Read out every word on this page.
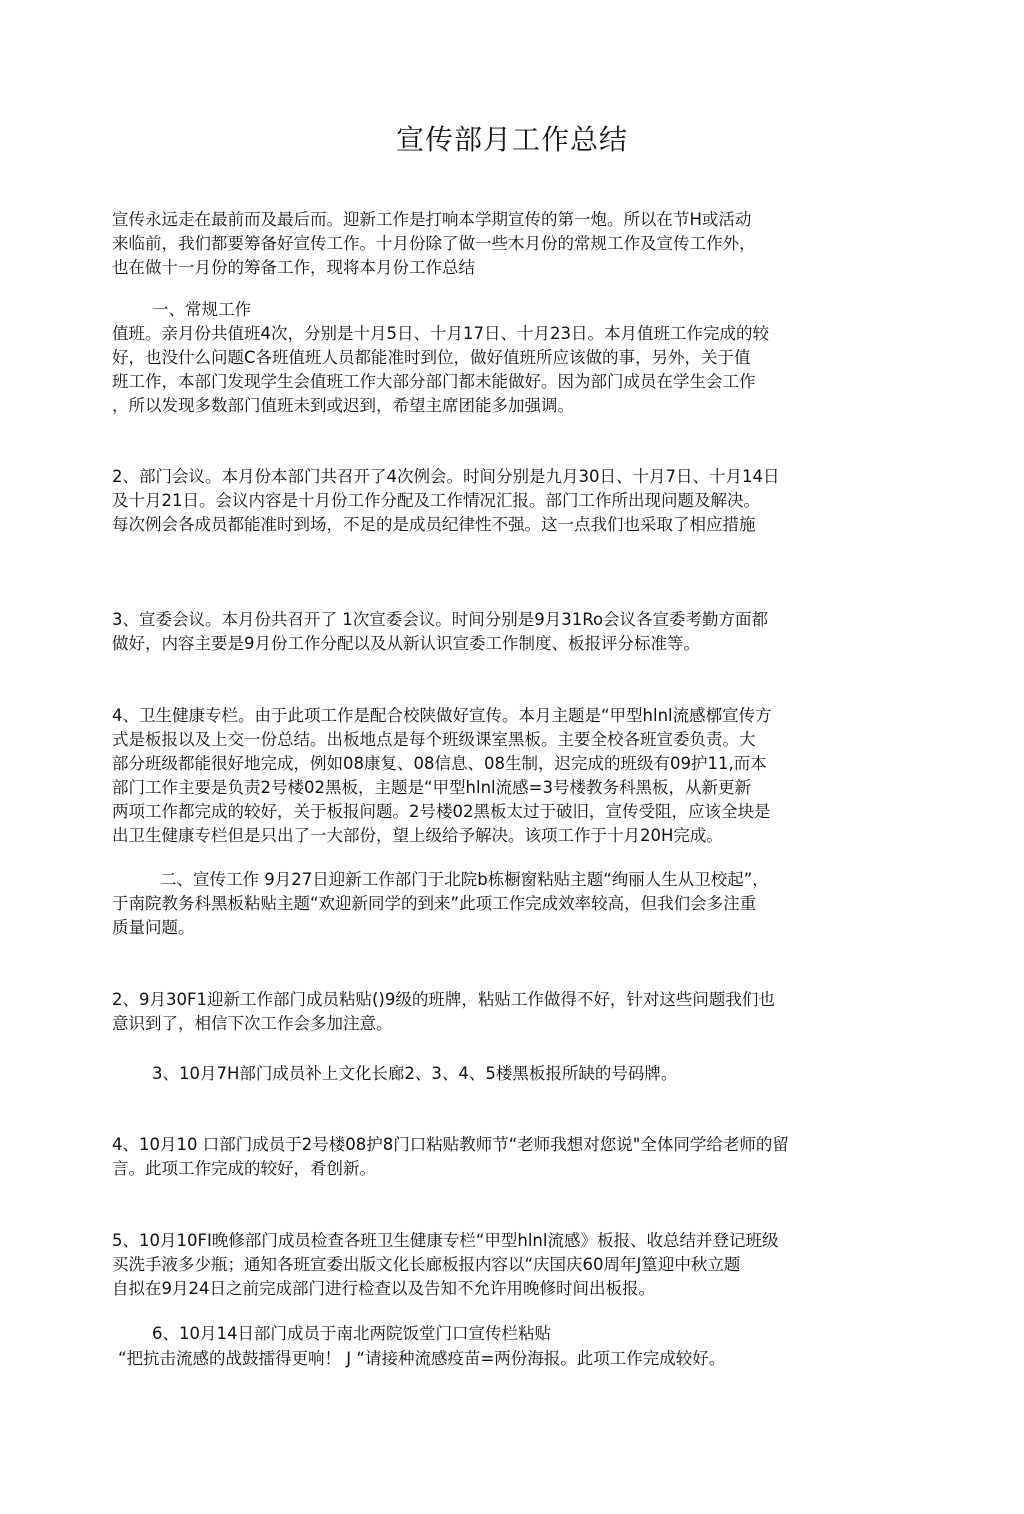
宣传部月工作总结

宣传永远走在最前而及最后而。迎新工作是打响本学期宣传的第一炮。所以在节H或活动

来临前，我们都要筹备好宣传工作。十月份除了做一些木月份的常规工作及宣传工作外，

也在做十一月份的筹备工作，现将本月份工作总结

一、常规工作

值班。亲月份共值班4次，分别是十月5日、十月17日、十月23日。本月值班工作完成的较

好，也没什么问题C各班值班人员都能准时到位，做好值班所应该做的事，另外，关于值

班工作，本部门发现学生会值班工作大部分部门都未能做好。因为部门成员在学生会工作

，所以发现多数部门值班未到或迟到，希望主席团能多加强调。

2、部门会议。本月份本部门共召开了4次例会。时间分别是九月30日、十月7日、十月14日

及十月21日。会议内容是十月份工作分配及工作情况汇报。部门工作所出现问题及解决。

每次例会各成员都能准时到场，不足的是成员纪律性不强。这一点我们也采取了相应措施

3、宣委会议。本月份共召开了 1次宣委会议。时间分别是9月31Ro会议各宣委考勤方面都

做好，内容主要是9月份工作分配以及从新认识宣委工作制度、板报评分标准等。

4、卫生健康专栏。由于此项工作是配合校陕做好宣传。本月主题是“甲型hlnl流感槨宣传方

式是板报以及上交一份总结。出板地点是每个班级课室黑板。主要全校各班宣委负责。大

部分班级都能很好地完成，例如08康复、08信息、08生制，迟完成的班级有09护11,而本

部门工作主要是负责2号楼02黑板，主题是“甲型hlnl流感=3号楼教务科黑板，从新更新

两项工作都完成的较好，关于板报问题。2号楼02黑板太过于破旧，宣传受阻，应该全块是

出卫生健康专栏但是只出了一大部份，望上级给予解决。该项工作于十月20H完成。

二、宣传工作 9月27日迎新工作部门于北院b栋橱窗粘贴主题“绚丽人生从卫校起”，

于南院教务科黑板粘贴主题“欢迎新同学的到来”此项工作完成效率较高，但我们会多注重

质量问题。

2、9月30F1迎新工作部门成员粘贴()9级的班牌，粘贴工作做得不好，针对这些问题我们也

意识到了，相信下次工作会多加注意。

3、10月7H部门成员补上文化长廊2、3、4、5楼黑板报所缺的号码牌。

4、10月10 口部门成员于2号楼08护8门口粘贴教师节“老师我想对您说"全体同学给老师的留

言。此项工作完成的较好，肴创新。

5、10月10FI晚修部门成员检查各班卫生健康专栏“甲型hlnl流感》板报、收总结并登记班级

买洗手液多少瓶；通知各班宣委出版文化长廊板报内容以“庆国庆60周年J篁迎中秋立题

自拟在9月24日之前完成部门进行检查以及告知不允许用晚修时间出板报。

6、10月14日部门成员于南北两院饭堂门口宣传栏粘贴

“把抗击流感的战鼓擂得更响！ J “请接种流感疫苗=两份海报。此项工作完成较好。
